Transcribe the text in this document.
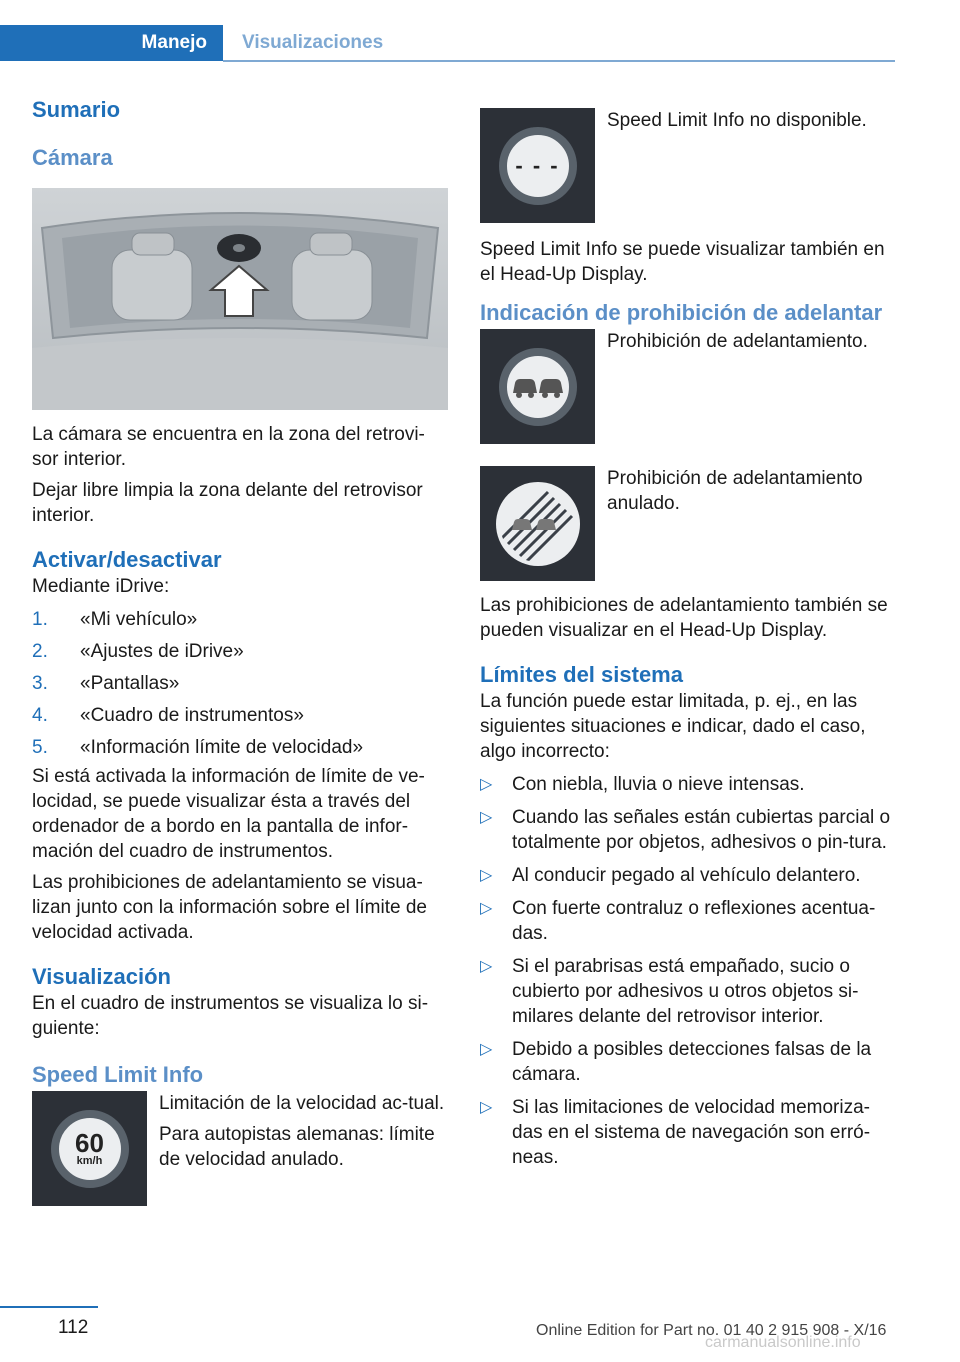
Manejo	Visualizaciones
Sumario
Cámara

La cámara se encuentra en la zona del retrovi‐sor interior.

Dejar libre limpia la zona delante del retrovisor interior.

Activar/desactivar

Mediante iDrive:

1. «Mi vehículo»
2. «Ajustes de iDrive»
3. «Pantallas»
4. «Cuadro de instrumentos»
5. «Información límite de velocidad»

Si está activada la información de límite de ve‐locidad, se puede visualizar ésta a través del ordenador de a bordo en la pantalla de infor‐mación del cuadro de instrumentos.

Las prohibiciones de adelantamiento se visua‐lizan junto con la información sobre el límite de velocidad activada.

Visualización

En el cuadro de instrumentos se visualiza lo si‐guiente:

Speed Limit Info
60
km/h

Limitación de la velocidad ac‐tual.

Para autopistas alemanas: límite de velocidad anulado.

- - -

Speed Limit Info no disponible.

Speed Limit Info se puede visualizar también en el Head-Up Display.

Indicación de prohibición de adelantar

Prohibición de adelantamiento.

Prohibición de adelantamiento anulado.

Las prohibiciones de adelantamiento también se pueden visualizar en el Head-Up Display.

Límites del sistema

La función puede estar limitada, p. ej., en las siguientes situaciones e indicar, dado el caso, algo incorrecto:

▷ Con niebla, lluvia o nieve intensas.
▷ Cuando las señales están cubiertas parcial o totalmente por objetos, adhesivos o pin‐tura.
▷ Al conducir pegado al vehículo delantero.
▷ Con fuerte contraluz o reflexiones acentua‐das.
▷ Si el parabrisas está empañado, sucio o cubierto por adhesivos u otros objetos si‐milares delante del retrovisor interior.
▷ Debido a posibles detecciones falsas de la cámara.
▷ Si las limitaciones de velocidad memoriza‐das en el sistema de navegación son erró‐neas.
112	Online Edition for Part no. 01 40 2 915 908 - X/16
carmanualsonline.info
